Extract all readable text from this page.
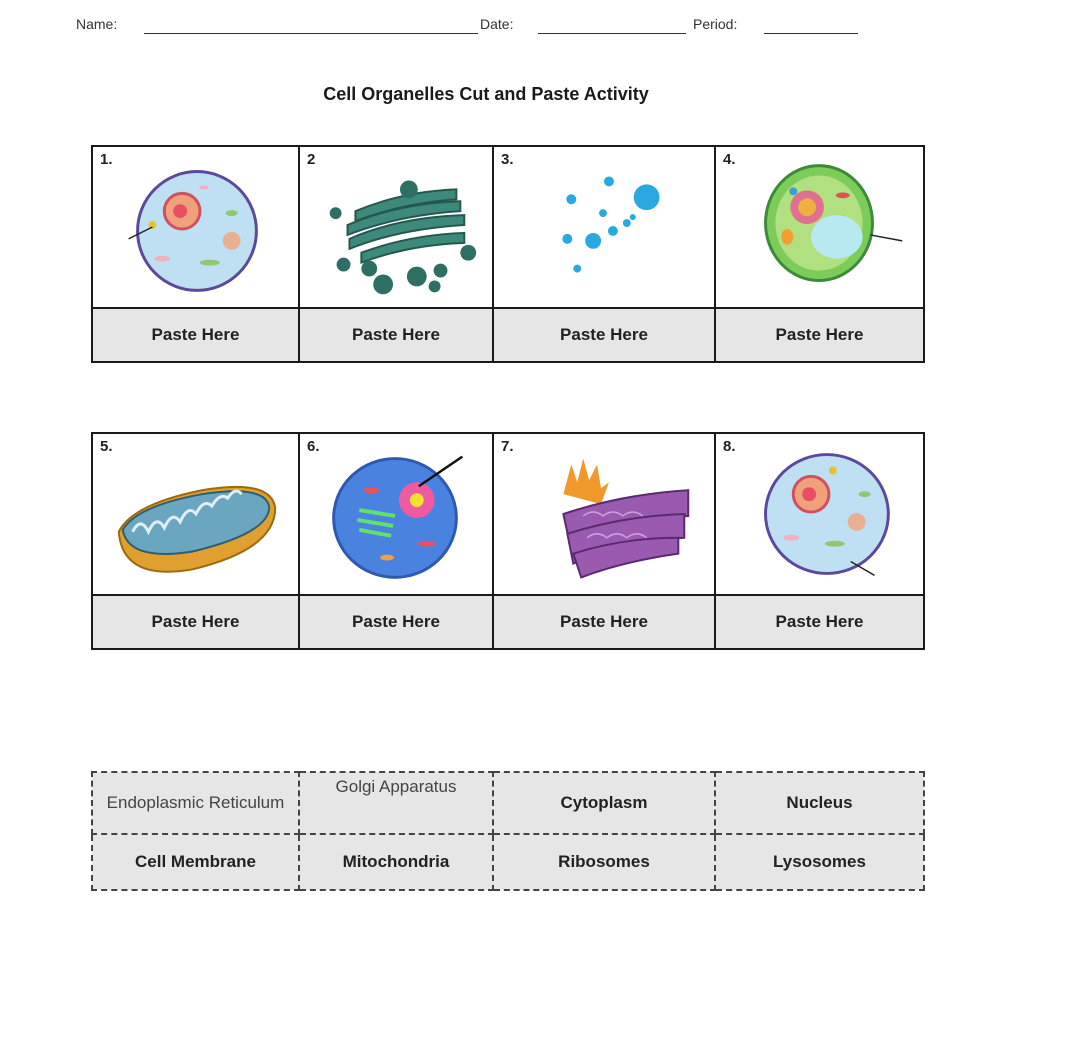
Name:	Date:	Period:
Cell Organelles Cut and Paste Activity
1.	2	3.	4.

Paste Here	Paste Here	Paste Here	Paste Here
5.	6.	7.	8.

Paste Here	Paste Here	Paste Here	Paste Here
Endoplasmic Reticulum	Golgi Apparatus	Cytoplasm	Nucleus
Cell Membrane	Mitochondria	Ribosomes	Lysosomes
